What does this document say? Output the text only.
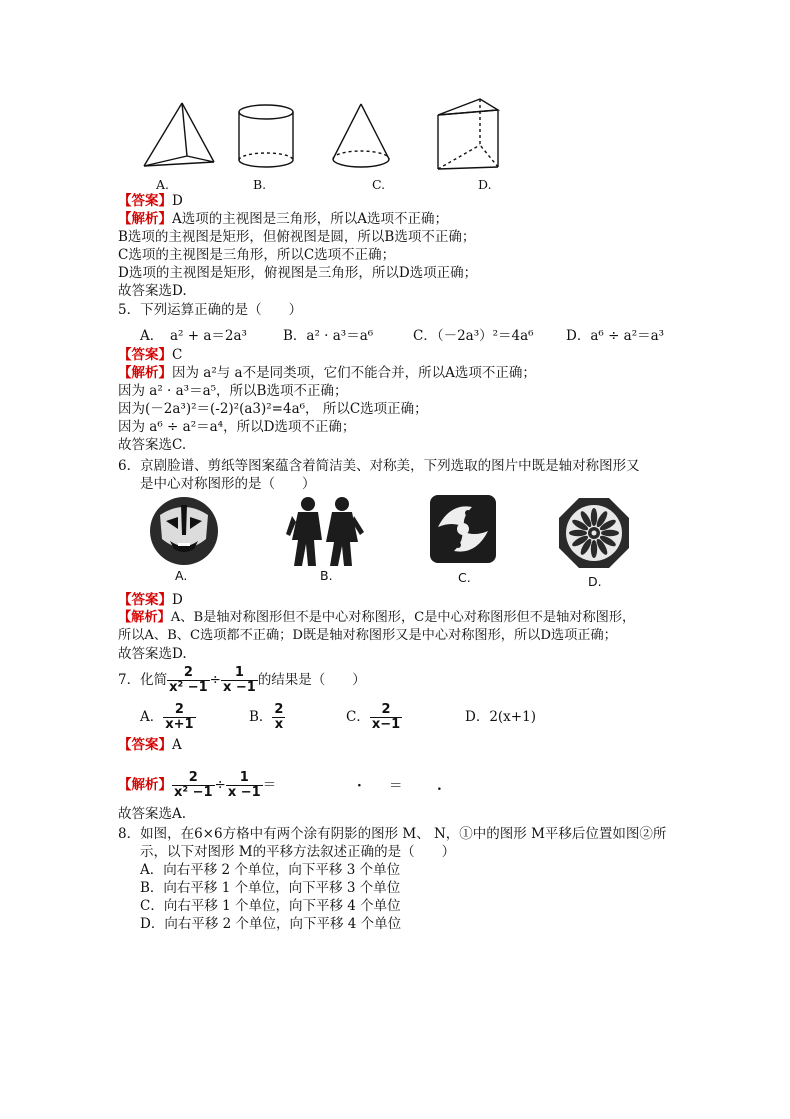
A.	B.	C.	D.
【答案】D
【解析】A选项的主视图是三角形，所以A选项不正确；
B选项的主视图是矩形，但俯视图是圆，所以B选项不正确；
C选项的主视图是三角形，所以C选项不正确；
D选项的主视图是矩形，俯视图是三角形，所以D选项正确；
故答案选D.
5．下列运算正确的是（　　）
A．　a² + a＝2a³	B．a² · a³＝a⁶	C．（－2a³）²＝4a⁶ D．a⁶ ÷ a²＝a³
【答案】C
【解析】因为 a²与 a不是同类项，它们不能合并，所以A选项不正确；
因为 a² · a³＝a⁵，所以B选项不正确；
因为(－2a³)²＝(-2)²(a3)²=4a⁶， 所以C选项正确；
因为 a⁶ ÷ a²＝a⁴，所以D选项不正确；
故答案选C.
6．京剧脸谱、剪纸等图案蕴含着简洁美、对称美，下列选取的图片中既是轴对称图形又
是中心对称图形的是（　　）
A.	B.	C.	D.
【答案】D
【解析】A、B是轴对称图形但不是中心对称图形，C是中心对称图形但不是轴对称图形，
所以A、B、C选项都不正确；D既是轴对称图形又是中心对称图形，所以D选项正确；
故答案选D.
7．化简 $\frac{2}{\text{x² −1}} \div \frac{1}{x -1}$ 的结果是（　　）
A． $\frac{2}{x+1}$	B． $\frac{2}{x}$	C． $\frac{2}{x-1}$	D．2(x+1)
【答案】A
【解析】 $\frac{2}{\text{x² −1}} \div \frac{1}{x -1}$ ＝	· ＝	.
故答案选A.
8．如图，在6×6方格中有两个涂有阴影的图形 M、 N，①中的图形 M平移后位置如图②所
示，以下对图形 M的平移方法叙述正确的是（　　）
A．向右平移 2 个单位，向下平移 3 个单位
B．向右平移 1 个单位，向下平移 3 个单位
C．向右平移 1 个单位，向下平移 4 个单位
D．向右平移 2 个单位，向下平移 4 个单位
